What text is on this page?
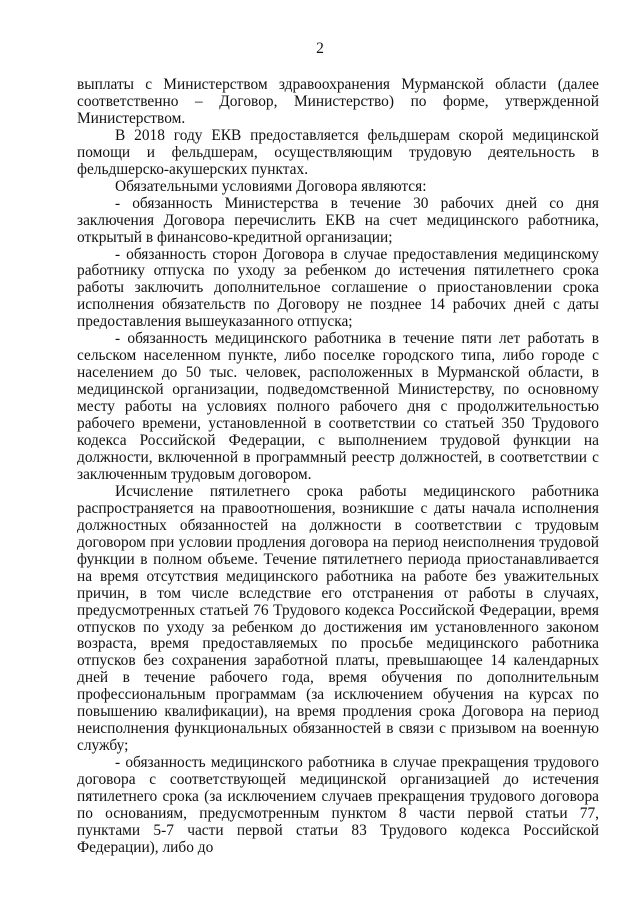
2

выплаты с Министерством здравоохранения Мурманской области (далее соответственно – Договор, Министерство) по форме, утвержденной Министерством.

В 2018 году ЕКВ предоставляется фельдшерам скорой медицинской помощи и фельдшерам, осуществляющим трудовую деятельность в фельдшерско-акушерских пунктах.

Обязательными условиями Договора являются:

- обязанность Министерства в течение 30 рабочих дней со дня заключения Договора перечислить ЕКВ на счет медицинского работника, открытый в финансово-кредитной организации;

- обязанность сторон Договора в случае предоставления медицинскому работнику отпуска по уходу за ребенком до истечения пятилетнего срока работы заключить дополнительное соглашение о приостановлении срока исполнения обязательств по Договору не позднее 14 рабочих дней с даты предоставления вышеуказанного отпуска;

- обязанность медицинского работника в течение пяти лет работать в сельском населенном пункте, либо поселке городского типа, либо городе с населением до 50 тыс. человек, расположенных в Мурманской области, в медицинской организации, подведомственной Министерству, по основному месту работы на условиях полного рабочего дня с продолжительностью рабочего времени, установленной в соответствии со статьей 350 Трудового кодекса Российской Федерации, с выполнением трудовой функции на должности, включенной в программный реестр должностей, в соответствии с заключенным трудовым договором.

Исчисление пятилетнего срока работы медицинского работника распространяется на правоотношения, возникшие с даты начала исполнения должностных обязанностей на должности в соответствии с трудовым договором при условии продления договора на период неисполнения трудовой функции в полном объеме. Течение пятилетнего периода приостанавливается на время отсутствия медицинского работника на работе без уважительных причин, в том числе вследствие его отстранения от работы в случаях, предусмотренных статьей 76 Трудового кодекса Российской Федерации, время отпусков по уходу за ребенком до достижения им установленного законом возраста, время предоставляемых по просьбе медицинского работника отпусков без сохранения заработной платы, превышающее 14 календарных дней в течение рабочего года, время обучения по дополнительным профессиональным программам (за исключением обучения на курсах по повышению квалификации), на время продления срока Договора на период неисполнения функциональных обязанностей в связи с призывом на военную службу;

- обязанность медицинского работника в случае прекращения трудового договора с соответствующей медицинской организацией до истечения пятилетнего срока (за исключением случаев прекращения трудового договора по основаниям, предусмотренным пунктом 8 части первой статьи 77, пунктами 5-7 части первой статьи 83 Трудового кодекса Российской Федерации), либо до
